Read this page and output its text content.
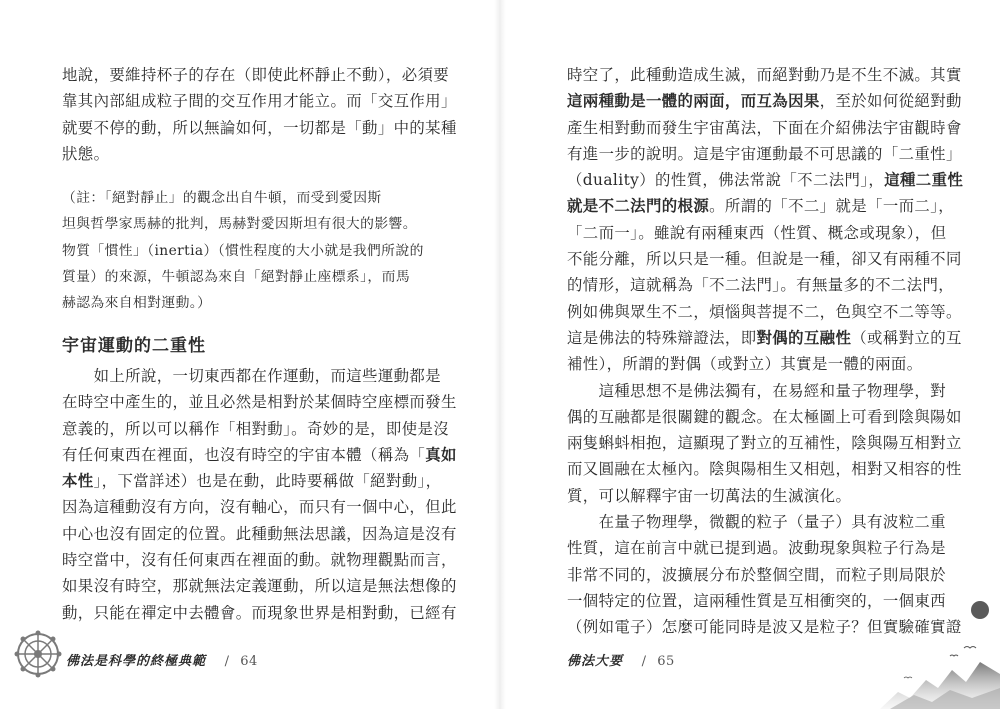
地說，要維持杯子的存在（即使此杯靜止不動），必須要
靠其內部組成粒子間的交互作用才能立。而「交互作用」
就要不停的動，所以無論如何，一切都是「動」中的某種
狀態。
（註：「絕對靜止」的觀念出自牛頓，而受到愛因斯
坦與哲學家馬赫的批判，馬赫對愛因斯坦有很大的影響。
物質「慣性」（inertia）（慣性程度的大小就是我們所說的
質量）的來源，牛頓認為來自「絕對靜止座標系」，而馬
赫認為來自相對運動。）
宇宙運動的二重性
　　如上所說，一切東西都在作運動，而這些運動都是
在時空中產生的，並且必然是相對於某個時空座標而發生
意義的，所以可以稱作「相對動」。奇妙的是，即使是沒
有任何東西在裡面，也沒有時空的宇宙本體（稱為「真如
本性」，下當詳述）也是在動，此時要稱做「絕對動」，
因為這種動沒有方向，沒有軸心，而只有一個中心，但此
中心也沒有固定的位置。此種動無法思議，因為這是沒有
時空當中，沒有任何東西在裡面的動。就物理觀點而言，
如果沒有時空，那就無法定義運動，所以這是無法想像的
動，只能在禪定中去體會。而現象世界是相對動，已經有
佛法是科學的終極典範 / 64
時空了，此種動造成生滅，而絕對動乃是不生不滅。其實
這兩種動是一體的兩面，而互為因果，至於如何從絕對動
產生相對動而發生宇宙萬法，下面在介紹佛法宇宙觀時會
有進一步的說明。這是宇宙運動最不可思議的「二重性」
（duality）的性質，佛法常說「不二法門」，這種二重性
就是不二法門的根源。所謂的「不二」就是「一而二」，
「二而一」。雖說有兩種東西（性質、概念或現象），但
不能分離，所以只是一種。但說是一種，卻又有兩種不同
的情形，這就稱為「不二法門」。有無量多的不二法門，
例如佛與眾生不二，煩惱與菩提不二，色與空不二等等。
這是佛法的特殊辯證法，即對偶的互融性（或稱對立的互
補性），所謂的對偶（或對立）其實是一體的兩面。
　　這種思想不是佛法獨有，在易經和量子物理學，對
偶的互融都是很關鍵的觀念。在太極圖上可看到陰與陽如
兩隻蝌蚪相抱，這顯現了對立的互補性，陰與陽互相對立
而又圓融在太極內。陰與陽相生又相剋，相對又相容的性
質，可以解釋宇宙一切萬法的生滅演化。
　　在量子物理學，微觀的粒子（量子）具有波粒二重
性質，這在前言中就已提到過。波動現象與粒子行為是
非常不同的，波擴展分布於整個空間，而粒子則局限於
一個特定的位置，這兩種性質是互相衝突的，一個東西
（例如電子）怎麼可能同時是波又是粒子？但實驗確實證
佛法大要 / 65
